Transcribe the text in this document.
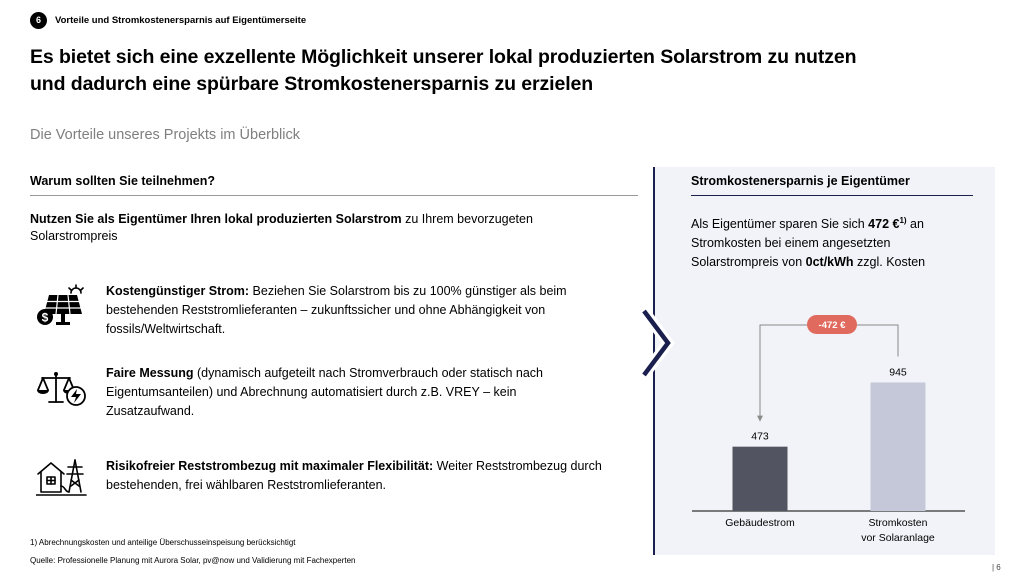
6	Vorteile und Stromkostenersparnis auf Eigentümerseite
Es bietet sich eine exzellente Möglichkeit unserer lokal produzierten Solarstrom zu nutzen
und dadurch eine spürbare Stromkostenersparnis zu erzielen
Die Vorteile unseres Projekts im Überblick
Warum sollten Sie teilnehmen?
Nutzen Sie als Eigentümer Ihren lokal produzierten Solarstrom zu Ihrem bevorzugeten Solarstrompreis
$
Kostengünstiger Strom: Beziehen Sie Solarstrom bis zu 100% günstiger als beim bestehenden Reststromlieferanten – zukunftssicher und ohne Abhängigkeit von fossils/Weltwirtschaft.
Faire Messung (dynamisch aufgeteilt nach Stromverbrauch oder statisch nach Eigentumsanteilen) und Abrechnung automatisiert durch z.B. VREY – kein Zusatzaufwand.
Risikofreier Reststrombezug mit maximaler Flexibilität: Weiter Reststrombezug durch bestehenden, frei wählbaren Reststromlieferanten.
1) Abrechnungskosten und anteilige Überschusseinspeisung berücksichtigt
Quelle: Professionelle Planung mit Aurora Solar, pv@now und Validierung mit Fachexperten
Stromkostenersparnis je Eigentümer
Als Eigentümer sparen Sie sich 472 €$^{1)}$ an Stromkosten bei einem angesetzten Solarstrompreis von 0ct/kWh zzgl. Kosten
473
Gebäudestrom
945
Stromkosten
vor Solaranlage
-472 €
| 6
